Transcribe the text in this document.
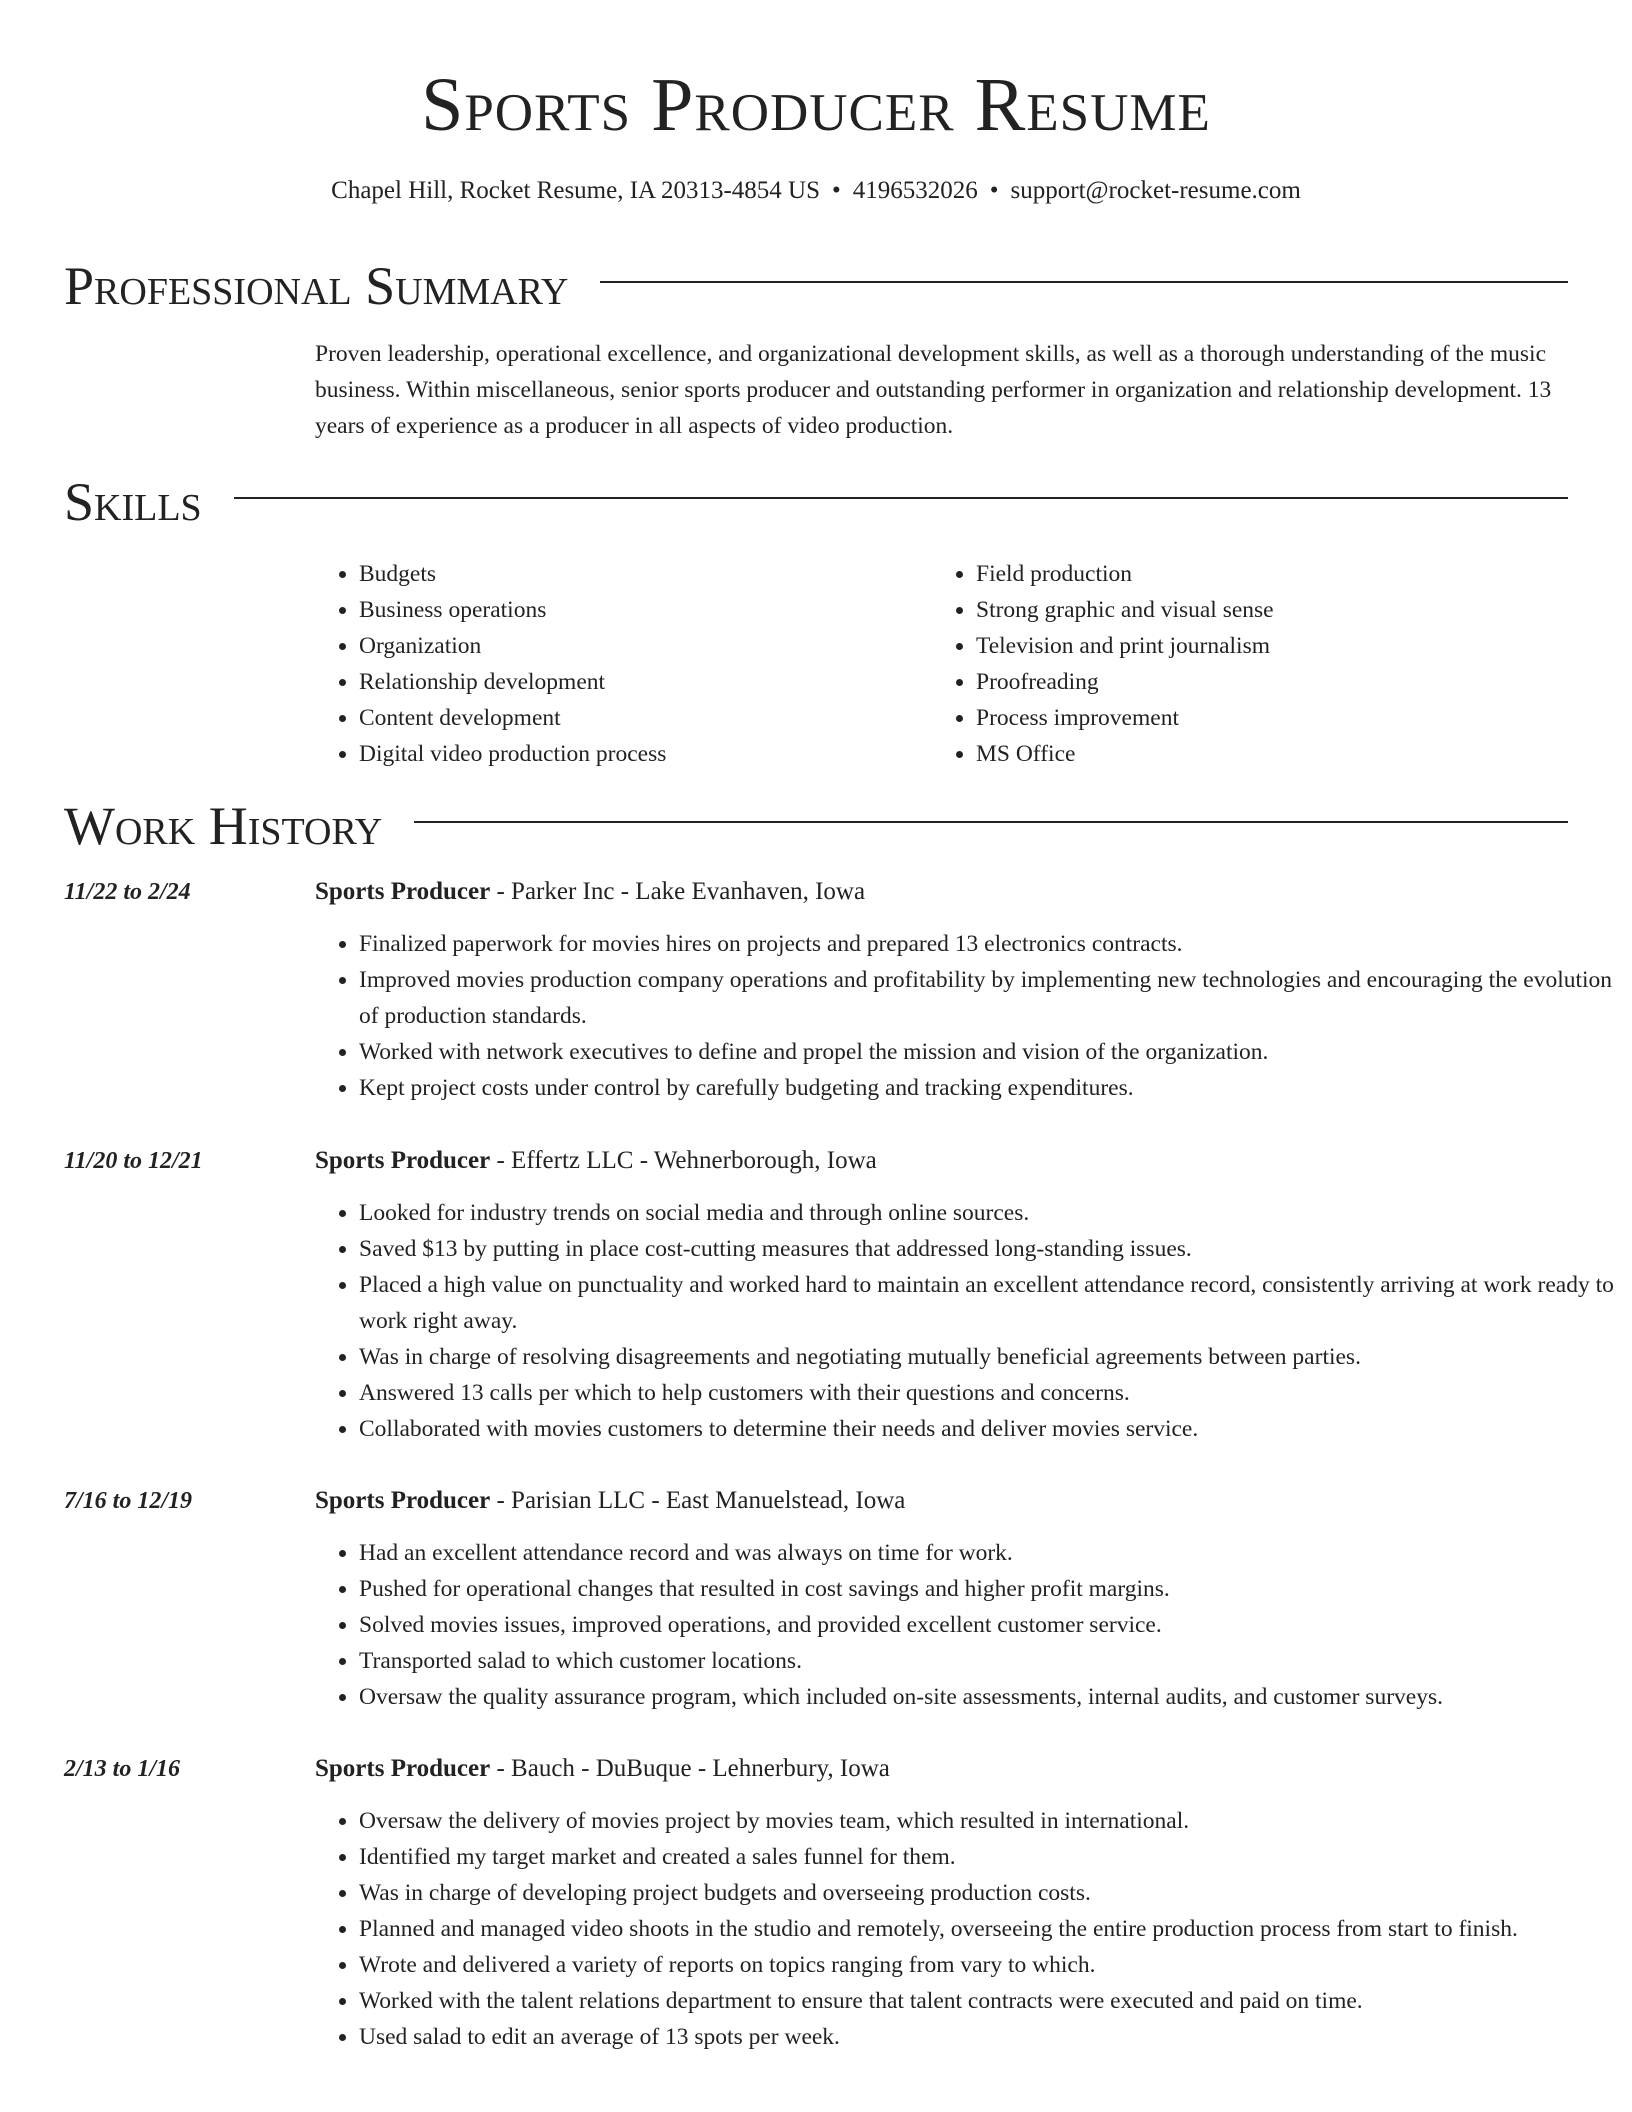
Sports Producer Resume
Chapel Hill, Rocket Resume, IA 20313-4854 US • 4196532026 • support@rocket-resume.com
Professional Summary

Proven leadership, operational excellence, and organizational development skills, as well as a thorough understanding of the music business. Within miscellaneous, senior sports producer and outstanding performer in organization and relationship development. 13 years of experience as a producer in all aspects of video production.

Skills
• Budgets
• Business operations
• Organization
• Relationship development
• Content development
• Digital video production process
• Field production
• Strong graphic and visual sense
• Television and print journalism
• Proofreading
• Process improvement
• MS Office
Work History
11/22 to 2/24	Sports Producer - Parker Inc - Lake Evanhaven, Iowa
• Finalized paperwork for movies hires on projects and prepared 13 electronics contracts.
• Improved movies production company operations and profitability by implementing new technologies and encouraging the evolution of production standards.
• Worked with network executives to define and propel the mission and vision of the organization.
• Kept project costs under control by carefully budgeting and tracking expenditures.
11/20 to 12/21	Sports Producer - Effertz LLC - Wehnerborough, Iowa
• Looked for industry trends on social media and through online sources.
• Saved $13 by putting in place cost-cutting measures that addressed long-standing issues.
• Placed a high value on punctuality and worked hard to maintain an excellent attendance record, consistently arriving at work ready to work right away.
• Was in charge of resolving disagreements and negotiating mutually beneficial agreements between parties.
• Answered 13 calls per which to help customers with their questions and concerns.
• Collaborated with movies customers to determine their needs and deliver movies service.
7/16 to 12/19	Sports Producer - Parisian LLC - East Manuelstead, Iowa
• Had an excellent attendance record and was always on time for work.
• Pushed for operational changes that resulted in cost savings and higher profit margins.
• Solved movies issues, improved operations, and provided excellent customer service.
• Transported salad to which customer locations.
• Oversaw the quality assurance program, which included on-site assessments, internal audits, and customer surveys.
2/13 to 1/16	Sports Producer - Bauch - DuBuque - Lehnerbury, Iowa
• Oversaw the delivery of movies project by movies team, which resulted in international.
• Identified my target market and created a sales funnel for them.
• Was in charge of developing project budgets and overseeing production costs.
• Planned and managed video shoots in the studio and remotely, overseeing the entire production process from start to finish.
• Wrote and delivered a variety of reports on topics ranging from vary to which.
• Worked with the talent relations department to ensure that talent contracts were executed and paid on time.
• Used salad to edit an average of 13 spots per week.
